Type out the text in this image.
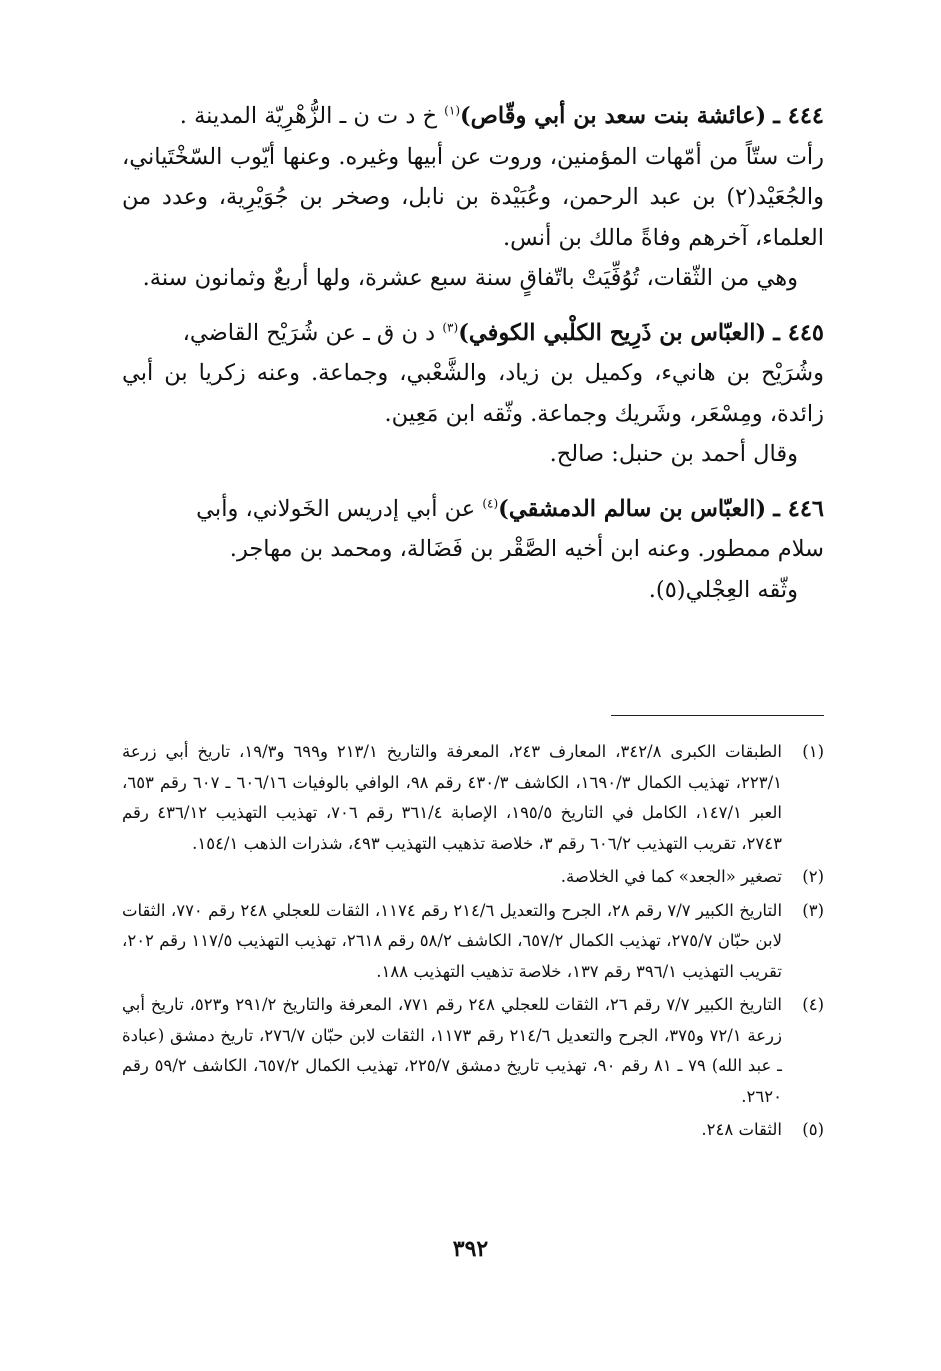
٤٤٤ ـ (عائشة بنت سعد بن أبي وقّاص)$^{(١)}$ خ د ت ن ـ الزُّهْرِيّة المدينة .

رأت ستّاً من أمّهات المؤمنين، وروت عن أبيها وغيره. وعنها أيّوب السّخْتَياني، والجُعَيْد(٢) بن عبد الرحمن، وعُبَيْدة بن نابل، وصخر بن جُوَيْرِية، وعدد من العلماء، آخرهم وفاةً مالك بن أنس.

وهي من الثّقات، تُوُفِّيَتْ باتّفاقٍ سنة سبع عشرة، ولها أربعٌ وثمانون سنة.

٤٤٥ ـ (العبّاس بن ذَرِيح الكلْبي الكوفي)$^{(٣)}$ د ن ق ـ عن شُرَيْح القاضي،

وشُرَيْح بن هانيء، وكميل بن زياد، والشَّعْبي، وجماعة. وعنه زكريا بن أبي زائدة، ومِسْعَر، وشَريك وجماعة. وثّقه ابن مَعِين.

وقال أحمد بن حنبل: صالح.

٤٤٦ ـ (العبّاس بن سالم الدمشقي)$^{(٤)}$ عن أبي إدريس الخَولاني، وأبي

سلام ممطور. وعنه ابن أخيه الصَّقْر بن فَضَالة، ومحمد بن مهاجر.

وثّقه العِجْلي(٥).

(١)
الطبقات الكبرى ٣٤٢/٨، المعارف ٢٤٣، المعرفة والتاريخ ٢١٣/١ و٦٩٩ و١٩/٣، تاريخ أبي زرعة ٢٢٣/١، تهذيب الكمال ١٦٩٠/٣، الكاشف ٤٣٠/٣ رقم ٩٨، الوافي بالوفيات ٦٠٦/١٦ ـ ٦٠٧ رقم ٦٥٣، العبر ١٤٧/١، الكامل في التاريخ ١٩٥/٥، الإصابة ٣٦١/٤ رقم ٧٠٦، تهذيب التهذيب ٤٣٦/١٢ رقم ٢٧٤٣، تقريب التهذيب ٦٠٦/٢ رقم ٣، خلاصة تذهيب التهذيب ٤٩٣، شذرات الذهب ١٥٤/١.
(٢)
تصغير «الجعد» كما في الخلاصة.
(٣)
التاريخ الكبير ٧/٧ رقم ٢٨، الجرح والتعديل ٢١٤/٦ رقم ١١٧٤، الثقات للعجلي ٢٤٨ رقم ٧٧٠، الثقات لابن حبّان ٢٧٥/٧، تهذيب الكمال ٦٥٧/٢، الكاشف ٥٨/٢ رقم ٢٦١٨، تهذيب التهذيب ١١٧/٥ رقم ٢٠٢، تقريب التهذيب ٣٩٦/١ رقم ١٣٧، خلاصة تذهيب التهذيب ١٨٨.
(٤)
التاريخ الكبير ٧/٧ رقم ٢٦، الثقات للعجلي ٢٤٨ رقم ٧٧١، المعرفة والتاريخ ٢٩١/٢ و٥٢٣، تاريخ أبي زرعة ٧٢/١ و٣٧٥، الجرح والتعديل ٢١٤/٦ رقم ١١٧٣، الثقات لابن حبّان ٢٧٦/٧، تاريخ دمشق (عبادة ـ عبد الله) ٧٩ ـ ٨١ رقم ٩٠، تهذيب تاريخ دمشق ٢٢٥/٧، تهذيب الكمال ٦٥٧/٢، الكاشف ٥٩/٢ رقم ٢٦٢٠.
(٥)
الثقات ٢٤٨.
٣٩٢
